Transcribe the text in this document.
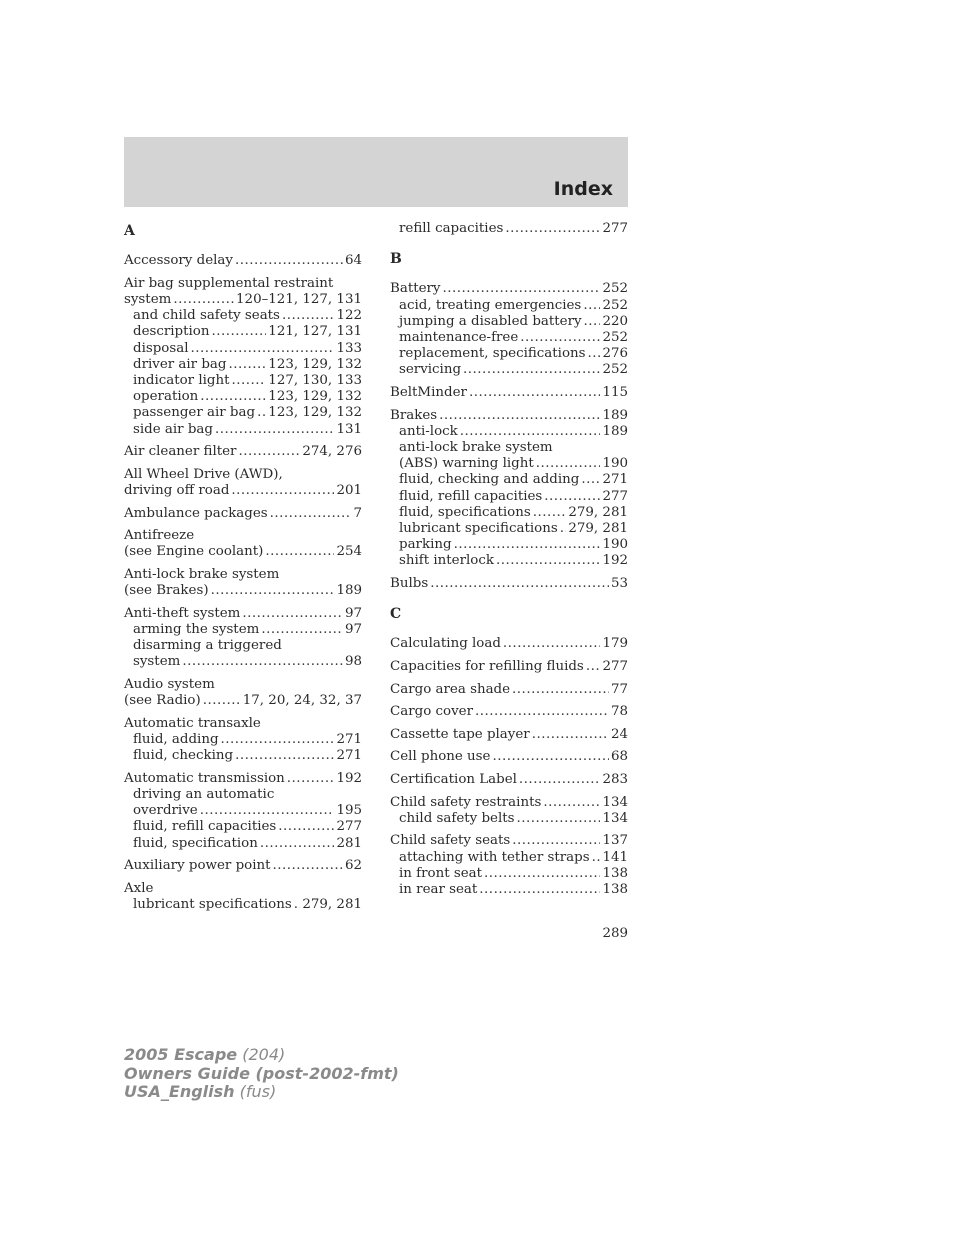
Index
A
Accessory delay .....	64
Air bag supplemental restraint
system .....	120–121, 127, 131
and child safety seats .....	122
description .....	121, 127, 131
disposal .....	133
driver air bag .....	123, 129, 132
indicator light .....	127, 130, 133
operation .....	123, 129, 132
passenger air bag ..... 123, 129, 132
side air bag .....	131
Air cleaner filter .....	274, 276
All Wheel Drive (AWD),
driving off road .....	201
Ambulance packages .....	7
Antifreeze
(see Engine coolant) .....	254
Anti-lock brake system
(see Brakes) .....	189
Anti-theft system .....	97
arming the system .....	97
disarming a triggered
system .....	98
Audio system
(see Radio) .....	17, 20, 24, 32, 37
Automatic transaxle
fluid, adding .....	271
fluid, checking .....	271
Automatic transmission .....	192
driving an automatic
overdrive .....	195
fluid, refill capacities .....	277
fluid, specification .....	281
Auxiliary power point .....	62
Axle
lubricant specifications ..... 279, 281
refill capacities .....	277
B
Battery .....	252
acid, treating emergencies ..... 252
jumping a disabled battery ..... 220
maintenance-free .....	252
replacement, specifications ..... 276
servicing .....	252
BeltMinder .....	115
Brakes .....	189
anti-lock .....	189
anti-lock brake system
(ABS) warning light .....	190
fluid, checking and adding ..... 271
fluid, refill capacities .....	277
fluid, specifications .....	279, 281
lubricant specifications ..... 279, 281
parking .....	190
shift interlock .....	192
Bulbs .....	53
C
Calculating load .....	179
Capacities for refilling fluids ..... 277
Cargo area shade .....	77
Cargo cover .....	78
Cassette tape player .....	24
Cell phone use .....	68
Certification Label .....	283
Child safety restraints .....	134
child safety belts .....	134
Child safety seats .....	137
attaching with tether straps ..... 141
in front seat .....	138
in rear seat .....	138
289
2005 Escape (204)
Owners Guide (post-2002-fmt)
USA_English (fus)
